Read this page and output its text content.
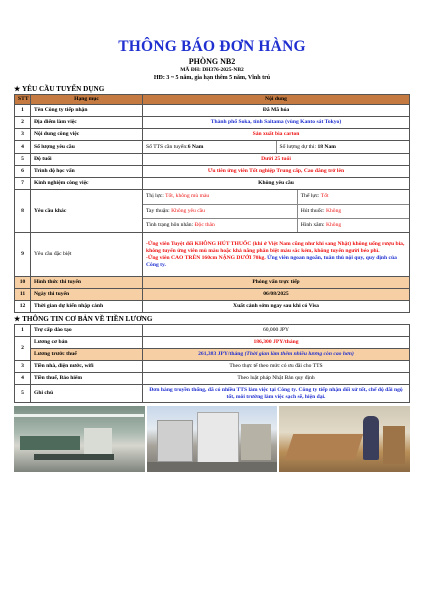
THÔNG BÁO ĐƠN HÀNG
PHÒNG NB2
MÃ ĐH: DH376-2025-NB2
HĐ: 3 ~ 5 năm, gia hạn thêm 5 năm, Vĩnh trú
★ YÊU CẦU TUYỂN DỤNG
STT	Hạng mục	Nội dung
1	Tên Công ty tiếp nhận	Đã Mã hóa
2	Địa điểm làm việc	Thành phố Soka, tỉnh Saitama (vùng Kanto sát Tokyo)
3	Nội dung công việc	Sản xuất bìa carton
4	Số lượng yêu cầu	Số TTS cần tuyển: 6 Nam	Số lượng dự thi: 18 Nam

5	Độ tuổi	Dưới 25 tuổi
6	Trình độ học vấn	Ưu tiên ứng viên Tốt nghiệp Trung cấp, Cao đẳng trở lên
7	Kinh nghiệm công việc	Không yêu cầu
8	Yêu cầu khác	
Thị lực: Tốt, không mù màu	Thể lực: Tốt
Tay thuận: Không yêu cầu	Hút thuốc: Không
Tình trạng hôn nhân: Độc thân	Hình xăm: Không

9	Yêu cầu đặc biệt	
-Ứng viên Tuyệt đối KHÔNG HÚT THUỐC (khi ở Việt Nam cũng như khi sang Nhật) không uống rượu bia, không tuyển ứng viên mù màu hoặc khả năng phân biệt màu sắc kém, không tuyển người béo phì.
-Ứng viên CAO TRÊN 160cm NẶNG DƯỚI 70kg. Ứng viên ngoan ngoãn, tuân thủ nội quy, quy định của Công ty.

10	Hình thức thi tuyển	Phỏng vấn trực tiếp
11	Ngày thi tuyển	06/08/2025
12	Thời gian dự kiến nhập cảnh	Xuất cảnh sớm ngay sau khi có Visa
★ THÔNG TIN CƠ BẢN VỀ TIỀN LƯƠNG
1	Trợ cấp đào tạo	60,000 JPY
2	Lương cơ bản	186,300 JPY/tháng
	Lương trước thuế	261,383 JPY/tháng (Thời gian làm thêm nhiều lương còn cao hơn)
3	Tiền nhà, điện nước, wifi	Theo thực tế theo mức có ưu đãi cho TTS
4	Tiền thuế, Bảo hiểm	Theo luật pháp Nhật Bản quy định
5	Ghi chú	Đơn hàng truyền thống, đã có nhiều TTS làm việc tại Công ty. Công ty tiếp nhận đối xử tốt, chế độ đãi ngộ tốt, môi trường làm việc sạch sẽ, hiện đại.
